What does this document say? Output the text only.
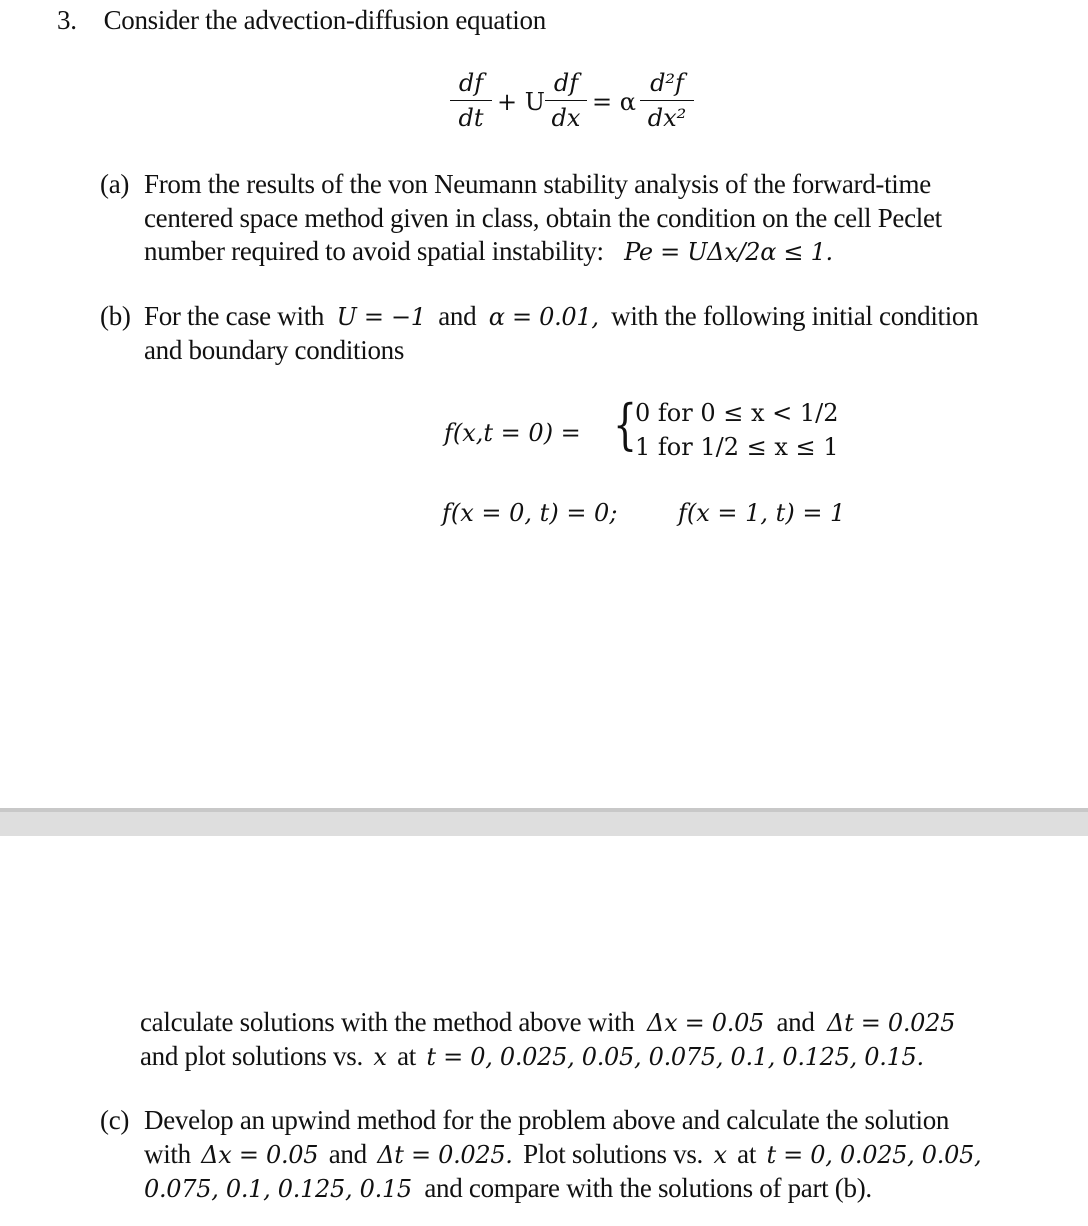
3. Consider the advection-diffusion equation
df
dt
+ U
df
dx
= α
d²f
dx²
(a) From the results of the von Neumann stability analysis of the forward-time
centered space method given in class, obtain the condition on the cell Peclet
number required to avoid spatial instability: Pe = UΔx/2α ≤ 1.
(b) For the case with U = −1 and α = 0.01, with the following initial condition
and boundary conditions
f(x,t = 0) = {
0 for 0 ≤ x < 1/2
1 for 1/2 ≤ x ≤ 1
f(x = 0, t) = 0;	f(x = 1, t) = 1
calculate solutions with the method above with Δx = 0.05 and Δt = 0.025
and plot solutions vs. x at t = 0, 0.025, 0.05, 0.075, 0.1, 0.125, 0.15.
(c) Develop an upwind method for the problem above and calculate the solution
with Δx = 0.05 and Δt = 0.025. Plot solutions vs. x at t = 0, 0.025, 0.05,
0.075, 0.1, 0.125, 0.15 and compare with the solutions of part (b).
